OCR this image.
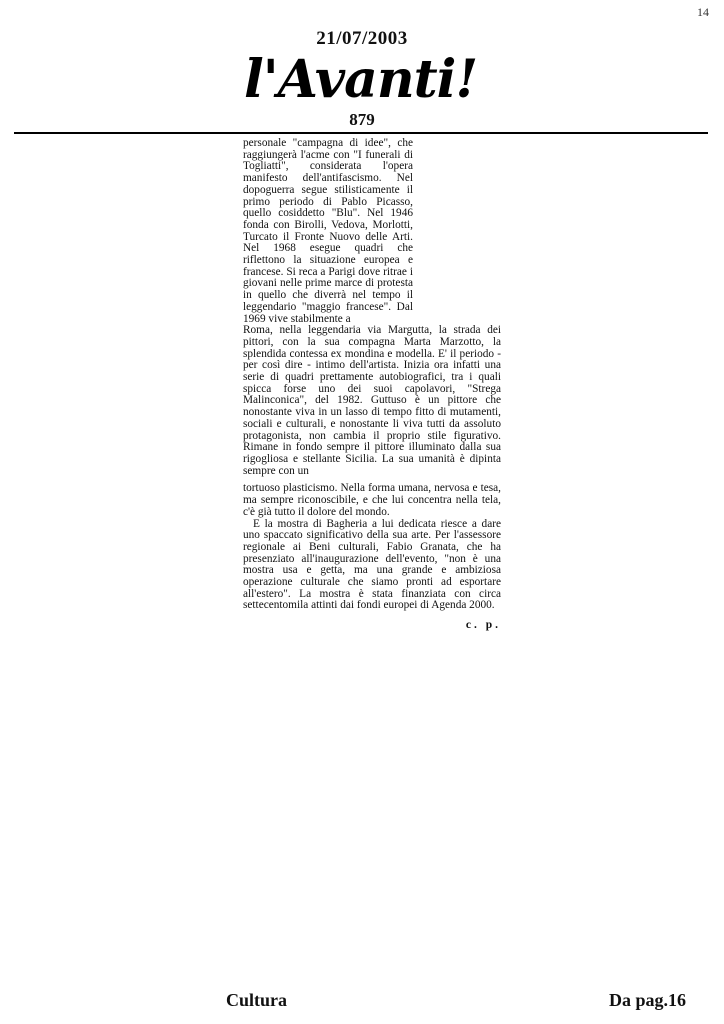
14
21/07/2003
l'Avanti!
879

personale "campagna di idee", che raggiungerà l'acme con "I funerali di Togliatti", considerata l'opera manifesto dell'antifascismo. Nel dopoguerra segue stilisticamente il primo periodo di Pablo Picasso, quello cosiddetto "Blu". Nel 1946 fonda con Birolli, Vedova, Morlotti, Turcato il Fronte Nuovo delle Arti. Nel 1968 esegue quadri che riflettono la situazione europea e francese. Si reca a Parigi dove ritrae i giovani nelle prime marce di protesta in quello che diverrà nel tempo il leggendario "maggio francese". Dal 1969 vive stabilmente a

Roma, nella leggendaria via Margutta, la strada dei pittori, con la sua compagna Marta Marzotto, la splendida contessa ex mondina e modella. E' il periodo - per così dire - intimo dell'artista. Inizia ora infatti una serie di quadri prettamente autobiografici, tra i quali spicca forse uno dei suoi capolavori, "Strega Malinconica", del 1982. Guttuso è un pittore che nonostante viva in un lasso di tempo fitto di mutamenti, sociali e culturali, e nonostante li viva tutti da assoluto protagonista, non cambia il proprio stile figurativo. Rimane in fondo sempre il pittore illuminato dalla sua rigogliosa e stellante Sicilia. La sua umanità è dipinta sempre con un

tortuoso plasticismo. Nella forma umana, nervosa e tesa, ma sempre riconoscibile, e che lui concentra nella tela, c'è già tutto il dolore del mondo.

E la mostra di Bagheria a lui dedicata riesce a dare uno spaccato significativo della sua arte. Per l'assessore regionale ai Beni culturali, Fabio Granata, che ha presenziato all'inaugurazione dell'evento, "non è una mostra usa e getta, ma una grande e ambiziosa operazione culturale che siamo pronti ad esportare all'estero". La mostra è stata finanziata con circa settecentomila attinti dai fondi europei di Agenda 2000.

c. p.
Cultura	Da pag.16
